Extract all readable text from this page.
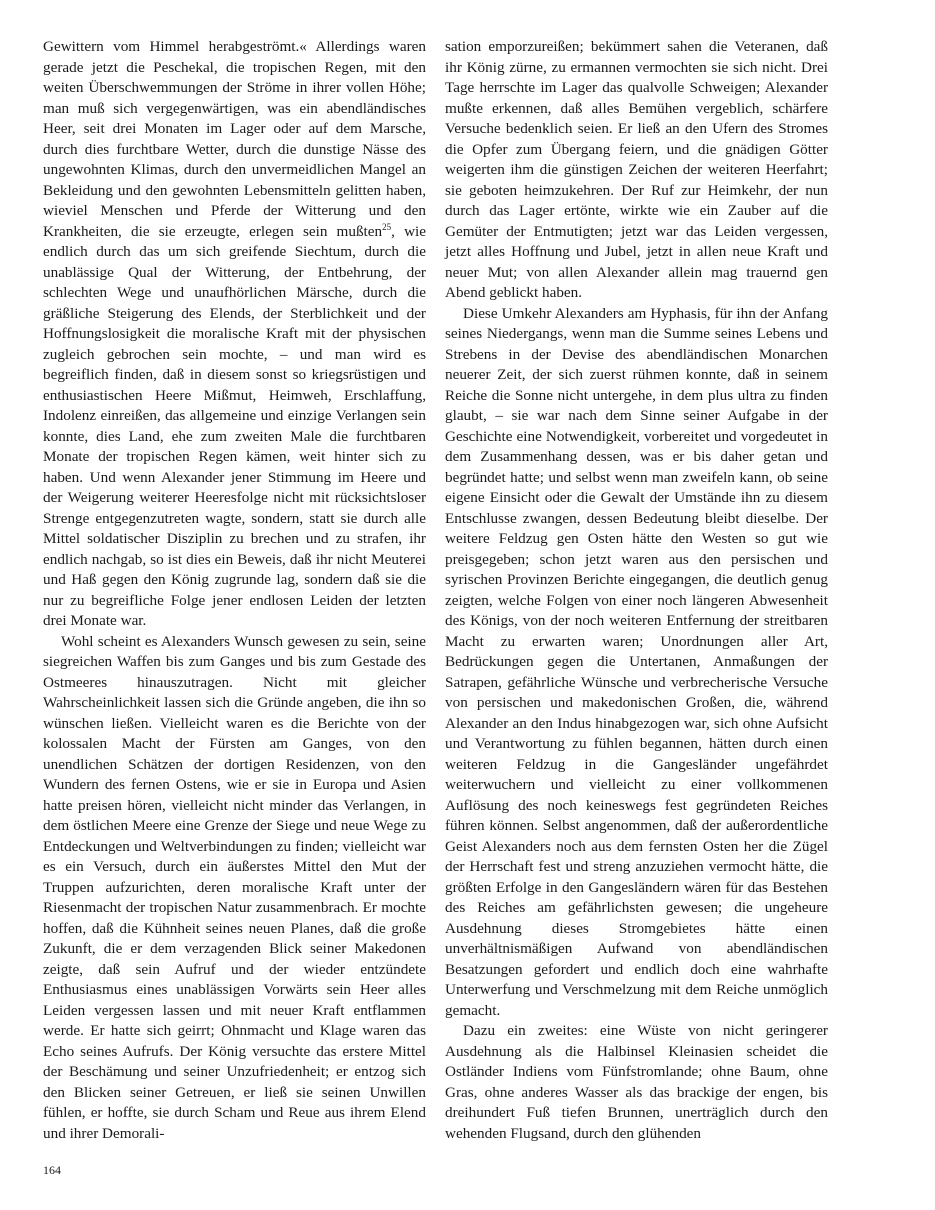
Gewittern vom Himmel herabgeströmt.« Allerdings waren gerade jetzt die Peschekal, die tropischen Regen, mit den weiten Überschwemmungen der Ströme in ihrer vollen Höhe; man muß sich vergegenwärtigen, was ein abendländisches Heer, seit drei Monaten im Lager oder auf dem Marsche, durch dies furchtbare Wetter, durch die dunstige Nässe des ungewohnten Klimas, durch den unvermeidlichen Mangel an Bekleidung und den gewohnten Lebensmitteln gelitten haben, wieviel Menschen und Pferde der Witterung und den Krankheiten, die sie erzeugte, erlegen sein mußten$^{25}$, wie endlich durch das um sich greifende Siechtum, durch die unablässige Qual der Witterung, der Entbehrung, der schlechten Wege und unaufhörlichen Märsche, durch die gräßliche Steigerung des Elends, der Sterblichkeit und der Hoffnungslosigkeit die moralische Kraft mit der physischen zugleich gebrochen sein mochte, – und man wird es begreiflich finden, daß in diesem sonst so kriegsrüstigen und enthusiastischen Heere Mißmut, Heimweh, Erschlaffung, Indolenz einreißen, das allgemeine und einzige Verlangen sein konnte, dies Land, ehe zum zweiten Male die furchtbaren Monate der tropischen Regen kämen, weit hinter sich zu haben. Und wenn Alexander jener Stimmung im Heere und der Weigerung weiterer Heeresfolge nicht mit rücksichtsloser Strenge entgegenzutreten wagte, sondern, statt sie durch alle Mittel soldatischer Disziplin zu brechen und zu strafen, ihr endlich nachgab, so ist dies ein Beweis, daß ihr nicht Meuterei und Haß gegen den König zugrunde lag, sondern daß sie die nur zu begreifliche Folge jener endlosen Leiden der letzten drei Monate war.

Wohl scheint es Alexanders Wunsch gewesen zu sein, seine siegreichen Waffen bis zum Ganges und bis zum Gestade des Ostmeeres hinauszutragen. Nicht mit gleicher Wahrscheinlichkeit lassen sich die Gründe angeben, die ihn so wünschen ließen. Vielleicht waren es die Berichte von der kolossalen Macht der Fürsten am Ganges, von den unendlichen Schätzen der dortigen Residenzen, von den Wundern des fernen Ostens, wie er sie in Europa und Asien hatte preisen hören, vielleicht nicht minder das Verlangen, in dem östlichen Meere eine Grenze der Siege und neue Wege zu Entdeckungen und Weltverbindungen zu finden; vielleicht war es ein Versuch, durch ein äußerstes Mittel den Mut der Truppen aufzurichten, deren moralische Kraft unter der Riesenmacht der tropischen Natur zusammenbrach. Er mochte hoffen, daß die Kühnheit seines neuen Planes, daß die große Zukunft, die er dem verzagenden Blick seiner Makedonen zeigte, daß sein Aufruf und der wieder entzündete Enthusiasmus eines unablässigen Vorwärts sein Heer alles Leiden vergessen lassen und mit neuer Kraft entflammen werde. Er hatte sich geirrt; Ohnmacht und Klage waren das Echo seines Aufrufs. Der König versuchte das erstere Mittel der Beschämung und seiner Unzufriedenheit; er entzog sich den Blicken seiner Getreuen, er ließ sie seinen Unwillen fühlen, er hoffte, sie durch Scham und Reue aus ihrem Elend und ihrer Demorali-

sation emporzureißen; bekümmert sahen die Veteranen, daß ihr König zürne, zu ermannen vermochten sie sich nicht. Drei Tage herrschte im Lager das qualvolle Schweigen; Alexander mußte erkennen, daß alles Bemühen vergeblich, schärfere Versuche bedenklich seien. Er ließ an den Ufern des Stromes die Opfer zum Übergang feiern, und die gnädigen Götter weigerten ihm die günstigen Zeichen der weiteren Heerfahrt; sie geboten heimzukehren. Der Ruf zur Heimkehr, der nun durch das Lager ertönte, wirkte wie ein Zauber auf die Gemüter der Entmutigten; jetzt war das Leiden vergessen, jetzt alles Hoffnung und Jubel, jetzt in allen neue Kraft und neuer Mut; von allen Alexander allein mag trauernd gen Abend geblickt haben.

Diese Umkehr Alexanders am Hyphasis, für ihn der Anfang seines Niedergangs, wenn man die Summe seines Lebens und Strebens in der Devise des abendländischen Monarchen neuerer Zeit, der sich zuerst rühmen konnte, daß in seinem Reiche die Sonne nicht untergehe, in dem plus ultra zu finden glaubt, – sie war nach dem Sinne seiner Aufgabe in der Geschichte eine Notwendigkeit, vorbereitet und vorgedeutet in dem Zusammenhang dessen, was er bis daher getan und begründet hatte; und selbst wenn man zweifeln kann, ob seine eigene Einsicht oder die Gewalt der Umstände ihn zu diesem Entschlusse zwangen, dessen Bedeutung bleibt dieselbe. Der weitere Feldzug gen Osten hätte den Westen so gut wie preisgegeben; schon jetzt waren aus den persischen und syrischen Provinzen Berichte eingegangen, die deutlich genug zeigten, welche Folgen von einer noch längeren Abwesenheit des Königs, von der noch weiteren Entfernung der streitbaren Macht zu erwarten waren; Unordnungen aller Art, Bedrückungen gegen die Untertanen, Anmaßungen der Satrapen, gefährliche Wünsche und verbrecherische Versuche von persischen und makedonischen Großen, die, während Alexander an den Indus hinabgezogen war, sich ohne Aufsicht und Verantwortung zu fühlen begannen, hätten durch einen weiteren Feldzug in die Gangesländer ungefährdet weiterwuchern und vielleicht zu einer vollkommenen Auflösung des noch keineswegs fest gegründeten Reiches führen können. Selbst angenommen, daß der außerordentliche Geist Alexanders noch aus dem fernsten Osten her die Zügel der Herrschaft fest und streng anzuziehen vermocht hätte, die größten Erfolge in den Gangesländern wären für das Bestehen des Reiches am gefährlichsten gewesen; die ungeheure Ausdehnung dieses Stromgebietes hätte einen unverhältnismäßigen Aufwand von abendländischen Besatzungen gefordert und endlich doch eine wahrhafte Unterwerfung und Verschmelzung mit dem Reiche unmöglich gemacht.

Dazu ein zweites: eine Wüste von nicht geringerer Ausdehnung als die Halbinsel Kleinasien scheidet die Ostländer Indiens vom Fünfstromlande; ohne Baum, ohne Gras, ohne anderes Wasser als das brackige der engen, bis dreihundert Fuß tiefen Brunnen, unerträglich durch den wehenden Flugsand, durch den glühenden

164
